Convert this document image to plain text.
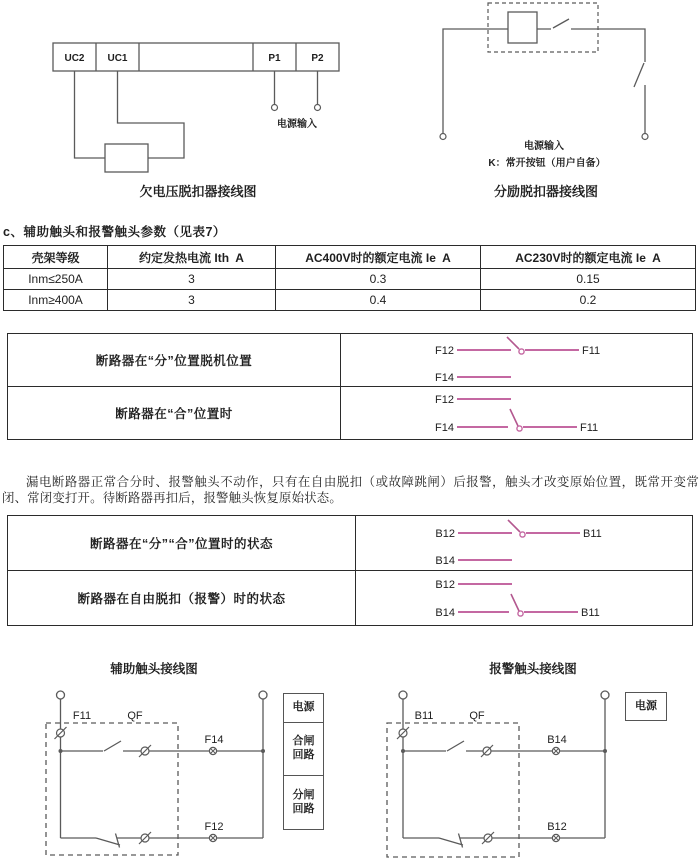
UC2 UC1	P1	P2
电源输入
欠电压脱扣器接线图
电源输入
K：常开按钮（用户自备）
分励脱扣器接线图
c、辅助触头和报警触头参数（见表7）
壳架等级	约定发热电流 Ith  A	AC400V时的额定电流 Ie  A	AC230V时的额定电流 Ie  A
Inm≤250A	3	0.3	0.15
Inm≥400A	3	0.4	0.2
断路器在“分”位置脱机位置	F12 F11
F14

断路器在“合”位置时	F12
F14 F11
漏电断路器正常合分时、报警触头不动作，只有在自由脱扣（或故障跳闸）后报警，触头才改变原始位置，既常开变常闭、常闭变打开。待断路器再扣后，报警触头恢复原始状态。
断路器在“分”“合”位置时的状态	B12 B11
B14

断路器在自由脱扣（报警）时的状态	B12
B14 B11
辅助触头接线图
F11	QF
F14
F12
电源
合闸回路
分闸回路
报警触头接线图
B11	QF
B14
B12
电源
